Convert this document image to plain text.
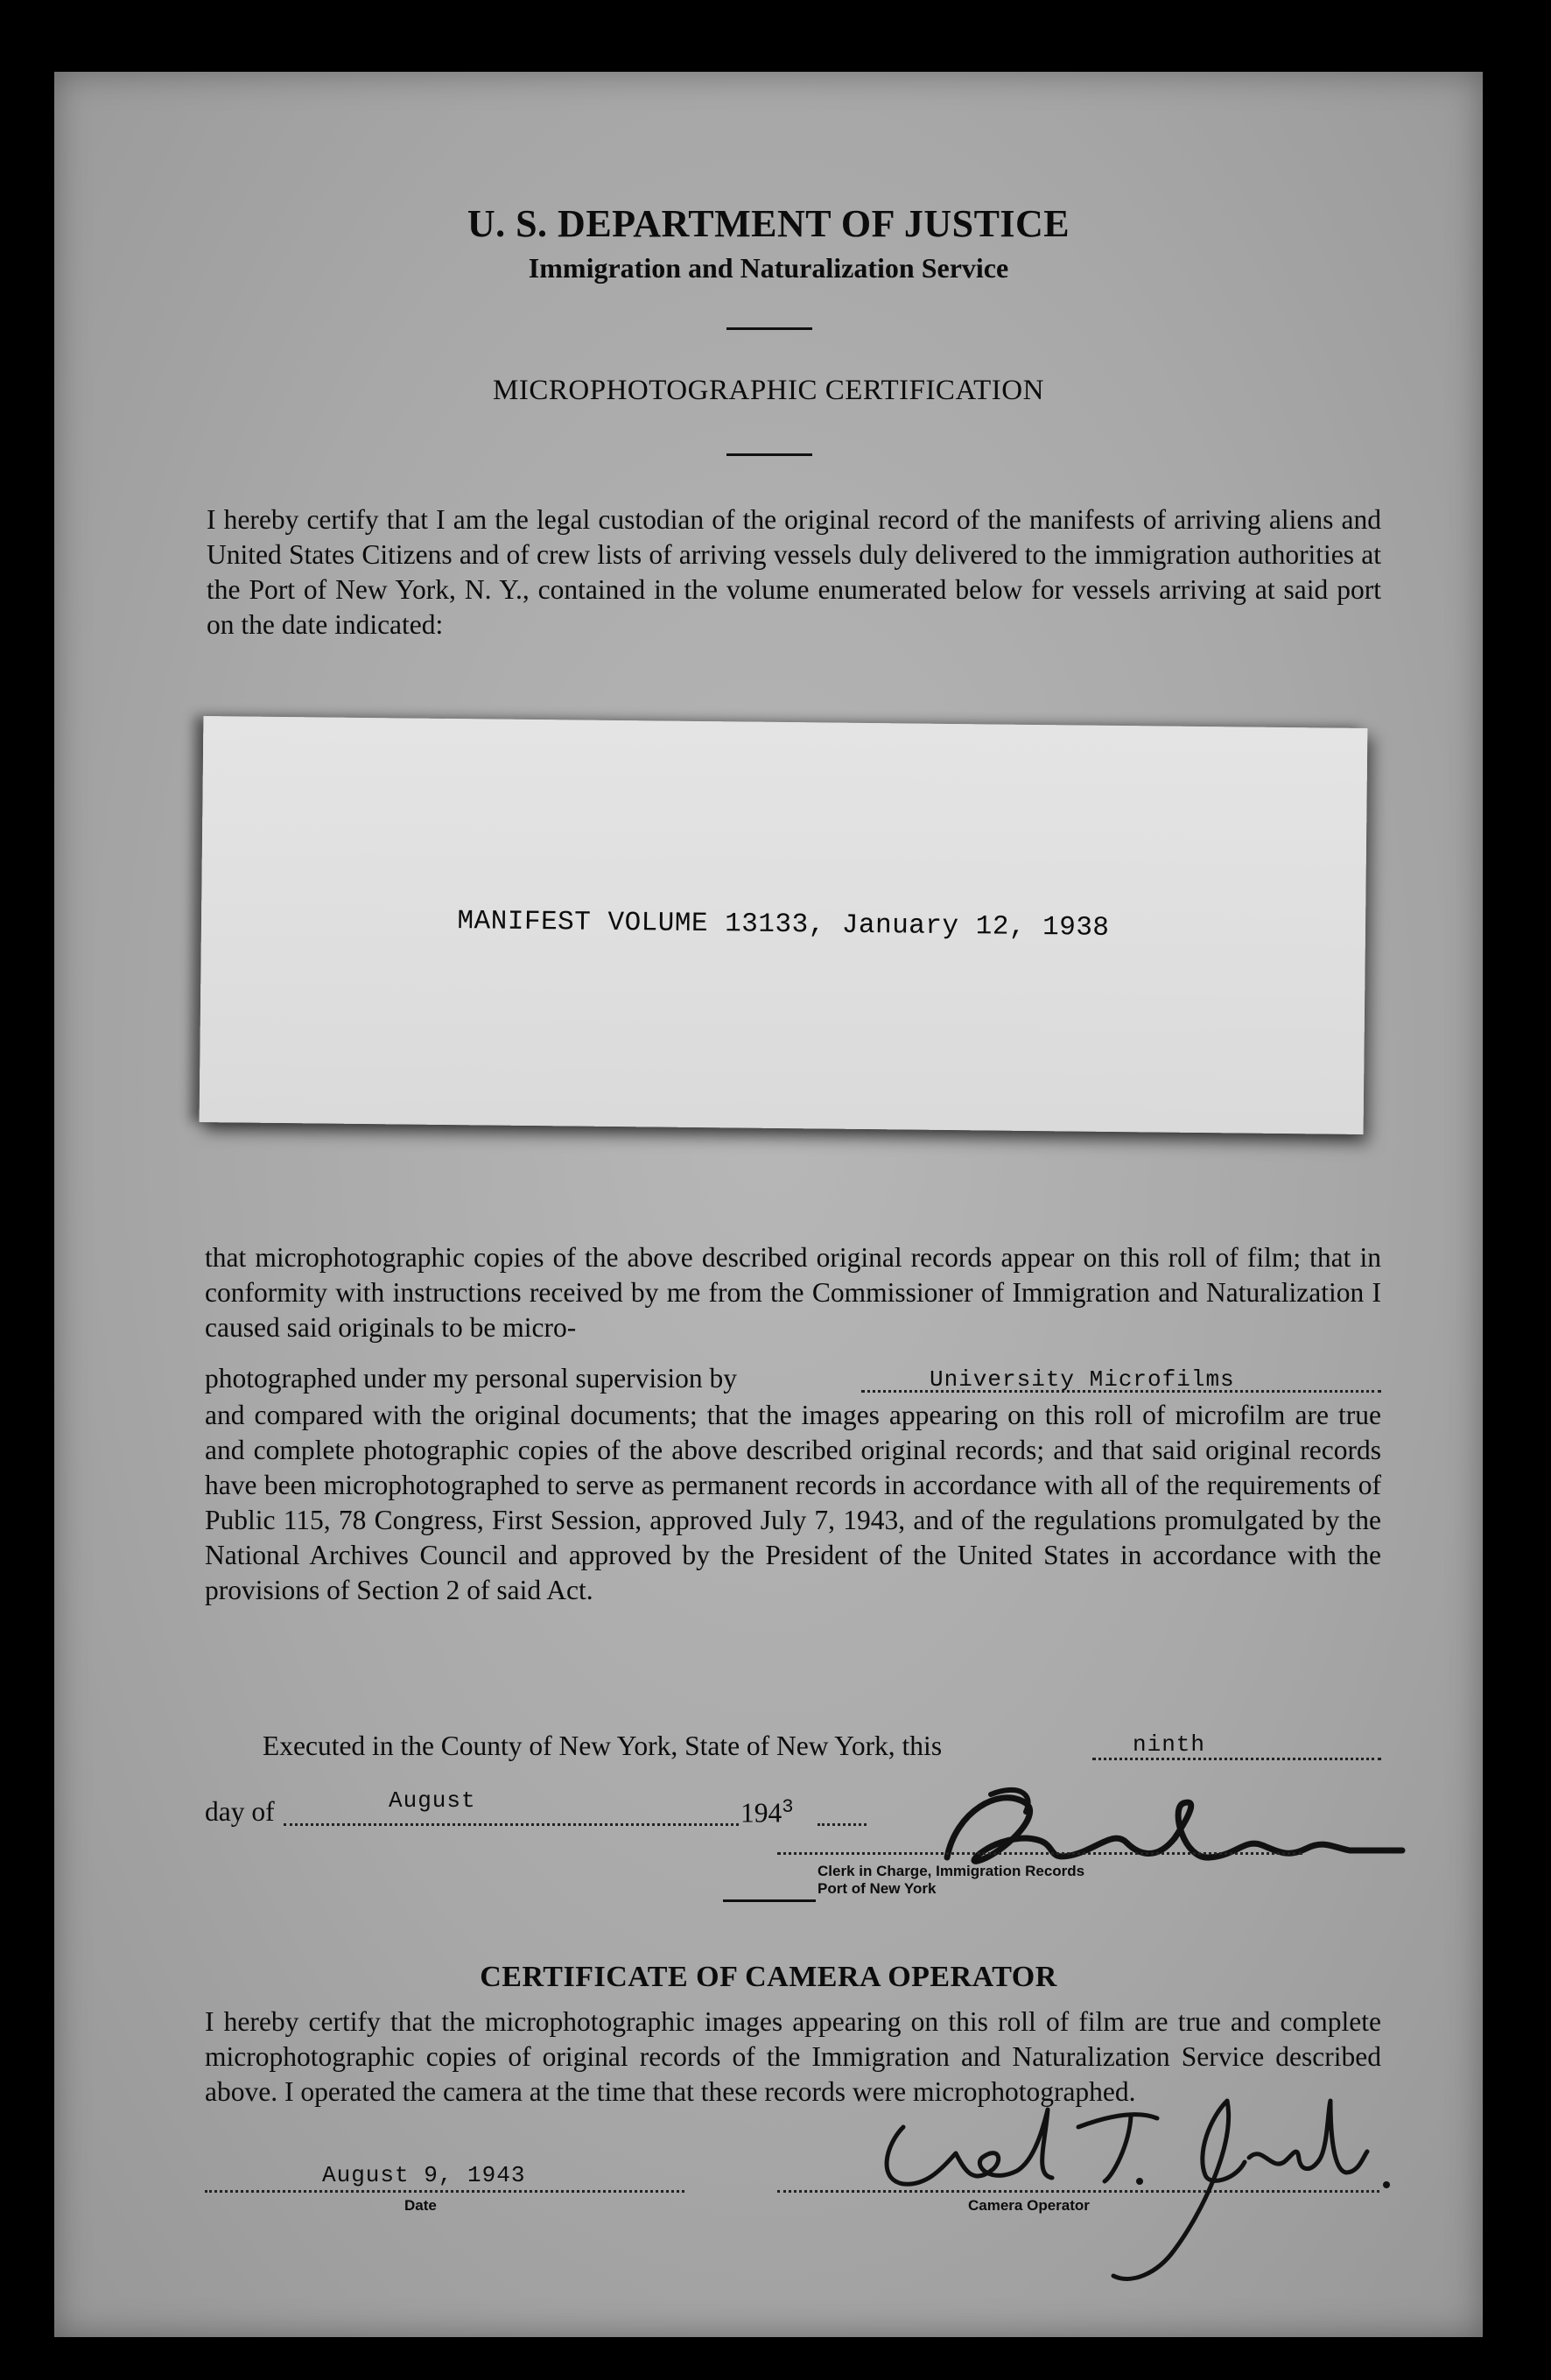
U. S. DEPARTMENT OF JUSTICE
Immigration and Naturalization Service
MICROPHOTOGRAPHIC CERTIFICATION
I hereby certify that I am the legal custodian of the original record of the manifests of arriving aliens and United States Citizens and of crew lists of arriving vessels duly delivered to the immigration authorities at the Port of New York, N. Y., contained in the volume enumerated below for vessels arriving at said port on the date indicated:
MANIFEST VOLUME 13133, January 12, 1938
that microphotographic copies of the above described original records appear on this roll of film; that in conformity with instructions received by me from the Commissioner of Immigration and Naturalization I caused said originals to be micro-
photographed under my personal supervision by	University Microfilms
and compared with the original documents; that the images appearing on this roll of microfilm are true and complete photographic copies of the above described original records; and that said original records have been microphotographed to serve as permanent records in accordance with all of the requirements of Public 115, 78 Congress, First Session, approved July 7, 1943, and of the regulations promulgated by the National Archives Council and approved by the President of the United States in accordance with the provisions of Section 2 of said Act.
Executed in the County of New York, State of New York, this	ninth
day of	August	$194^3$
Clerk in Charge, Immigration Records
Port of New York
CERTIFICATE OF CAMERA OPERATOR
I hereby certify that the microphotographic images appearing on this roll of film are true and complete microphotographic copies of original records of the Immigration and Naturalization Service described above. I operated the camera at the time that these records were microphotographed.
August 9, 1943
Date	Camera Operator
